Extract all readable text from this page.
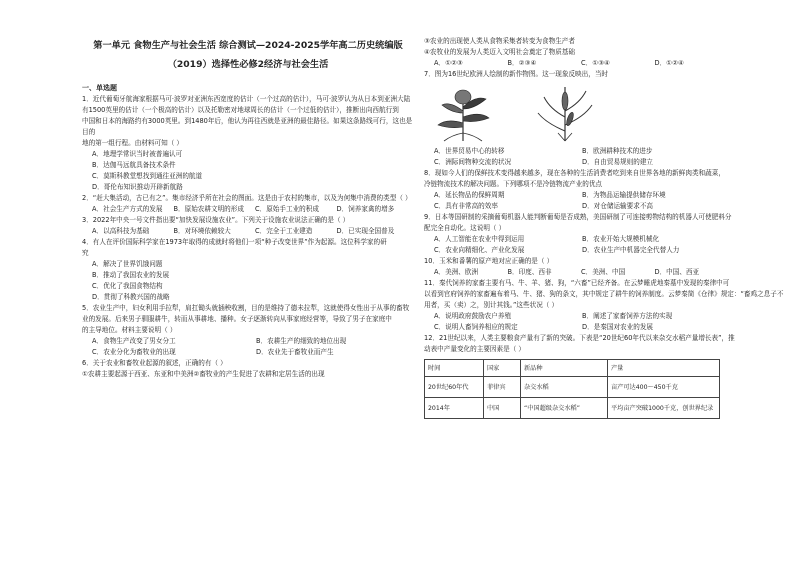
第一单元 食物生产与社会生活 综合测试—2024-2025学年高二历史统编版
（2019）选择性必修2经济与社会生活
一、单选题

1．近代葡萄牙航海家根据马可·波罗对亚洲东西宽度的估计（一个过高的估计），马可·波罗认为从日本到亚洲大陆

有1500英里的估计（一个极高的估计）以及托勒密对地球周长的估计（一个过低的估计），推断出向西航行到

中国和日本的海路约有3000英里。到1480年后，他认为再往西就是亚洲的最佳路径。如果这条路线可行，这也是目的

地的第一组行程。由材料可知（ ）

A．地理学常识当时被普遍认可

B．达伽马远航具备技术条件

C．莫斯科教堂想找到通往亚洲的航道

D．哥伦布知识推动开辟新航路

2．“赶大集活动，古已有之”。集市经济乎所在社会的图面。这是由于农村的集市，以及为何集中消费的类型（ ）

A．社会生产方式的发展	B．原始农耕文明的形成	C．原始手工业的积成	D．饲养家禽的增多

3．2022年中央一号文件指出要“加快发展设施农业”。下列关于设施农业说法正确的是（ ）

A．以高科技为基础	B．对环境依赖较大	C．完全于工业建造	D．已实现全国普及

4．有人在评价国际科学家在1973年取得的成就时将他们一项“种子改变世界”作为起源。这位科学家的研

究

A．解决了世界饥饿问题

B．推动了我国农业的发展

C．优化了我国食物结构

D．贯彻了科教兴国的战略

5．农业生产中，妇女利用手拉犁，肩扛锄头就插秧收割，目的是维持了德未拉犁，这就使得女性出于从事的畜牧

业的发展。后来男子驯服耕牛，转而从事耕地、播种。女子逐渐转向从事家庭经营等，导致了男子在家庭中

的主导地位。材料主要说明（ ）

A．食物生产改变了男女分工	B．农耕生产的细致的地位出现
C．农业分化为畜牧业的出现	D．农业先于畜牧业而产生

6．关于农业和畜牧业起源的叙述，正确的有（ ）

①农耕主要起源于西亚、东亚和中美洲②畜牧业的产生促进了农耕和定居生活的出现

③农业的出现使人类从食物采集者转变为食物生产者

④农牧业的发展为人类迈入文明社会奠定了物质基础

A．①②③	B．②③④	C．①③④	D．①②④

7．图为16世纪欧洲人绘制的新作物图。这一现象反映出，当时

A．世界贸易中心的转移	B．欧洲耕种技术的进步
C．洲际间物种交流的状况	D．自由贸易规则的建立

8．现如今人们的保鲜技术变得越来越多，现在各种的生活消费者吃到来自世界各地的新鲜肉类和蔬菜，

冷链物流技术的解决问题。下列哪项不是冷链物流产业的优点

A．延长物品的保鲜周期	B．为物品运输提供储存环境
C．具有非常高的效率	D．对仓储运输要求不高

9．日本等国研制的采摘葡萄机器人能判断葡萄是否成熟，美国研制了可连接剪物结构的机器人可使肥料分

配完全自动化。这说明（ ）

A．人工智能在农业中得到运用	B．农业开始大规模机械化
C．农业向精细化、产业化发展	D．农业生产中机器完全代替人力

10．玉米和番薯的原产地对应正确的是（ ）

A．美洲、欧洲	B．印度、西非	C．美洲、中国	D．中国、西亚

11．秦代饲养的家畜主要有马、牛、羊、猪、狗，“六畜”已经齐备。在云梦睡虎地秦墓中发现的秦律中可

以看到官府饲养的家畜遍布着马、牛、猪、狗的条文，其中规定了耕牛的饲养制度。云梦秦简《仓律》规定：“畜鸡之息子不

用者，买（卖）之，别计其钱。”这些状况（ ）

A．说明政府鼓励农户养殖	B．阐述了家畜饲养方法的实现
C．说明人畜饲养相应的规定	D．是秦国对农业的发展

12．21世纪以来，人类主要粮食产量有了新的突破。下表是“20世纪60年代以来杂交水稻产量增长表”，推

动表中产量变化的主要因素是（ ）

时间	国家	新品种	产量
20世纪60年代	菲律宾	杂交水稻	亩产可达400～450千克
2014年	中国	“中国超级杂交水稻”	平均亩产突破1000千克，创世界纪录
